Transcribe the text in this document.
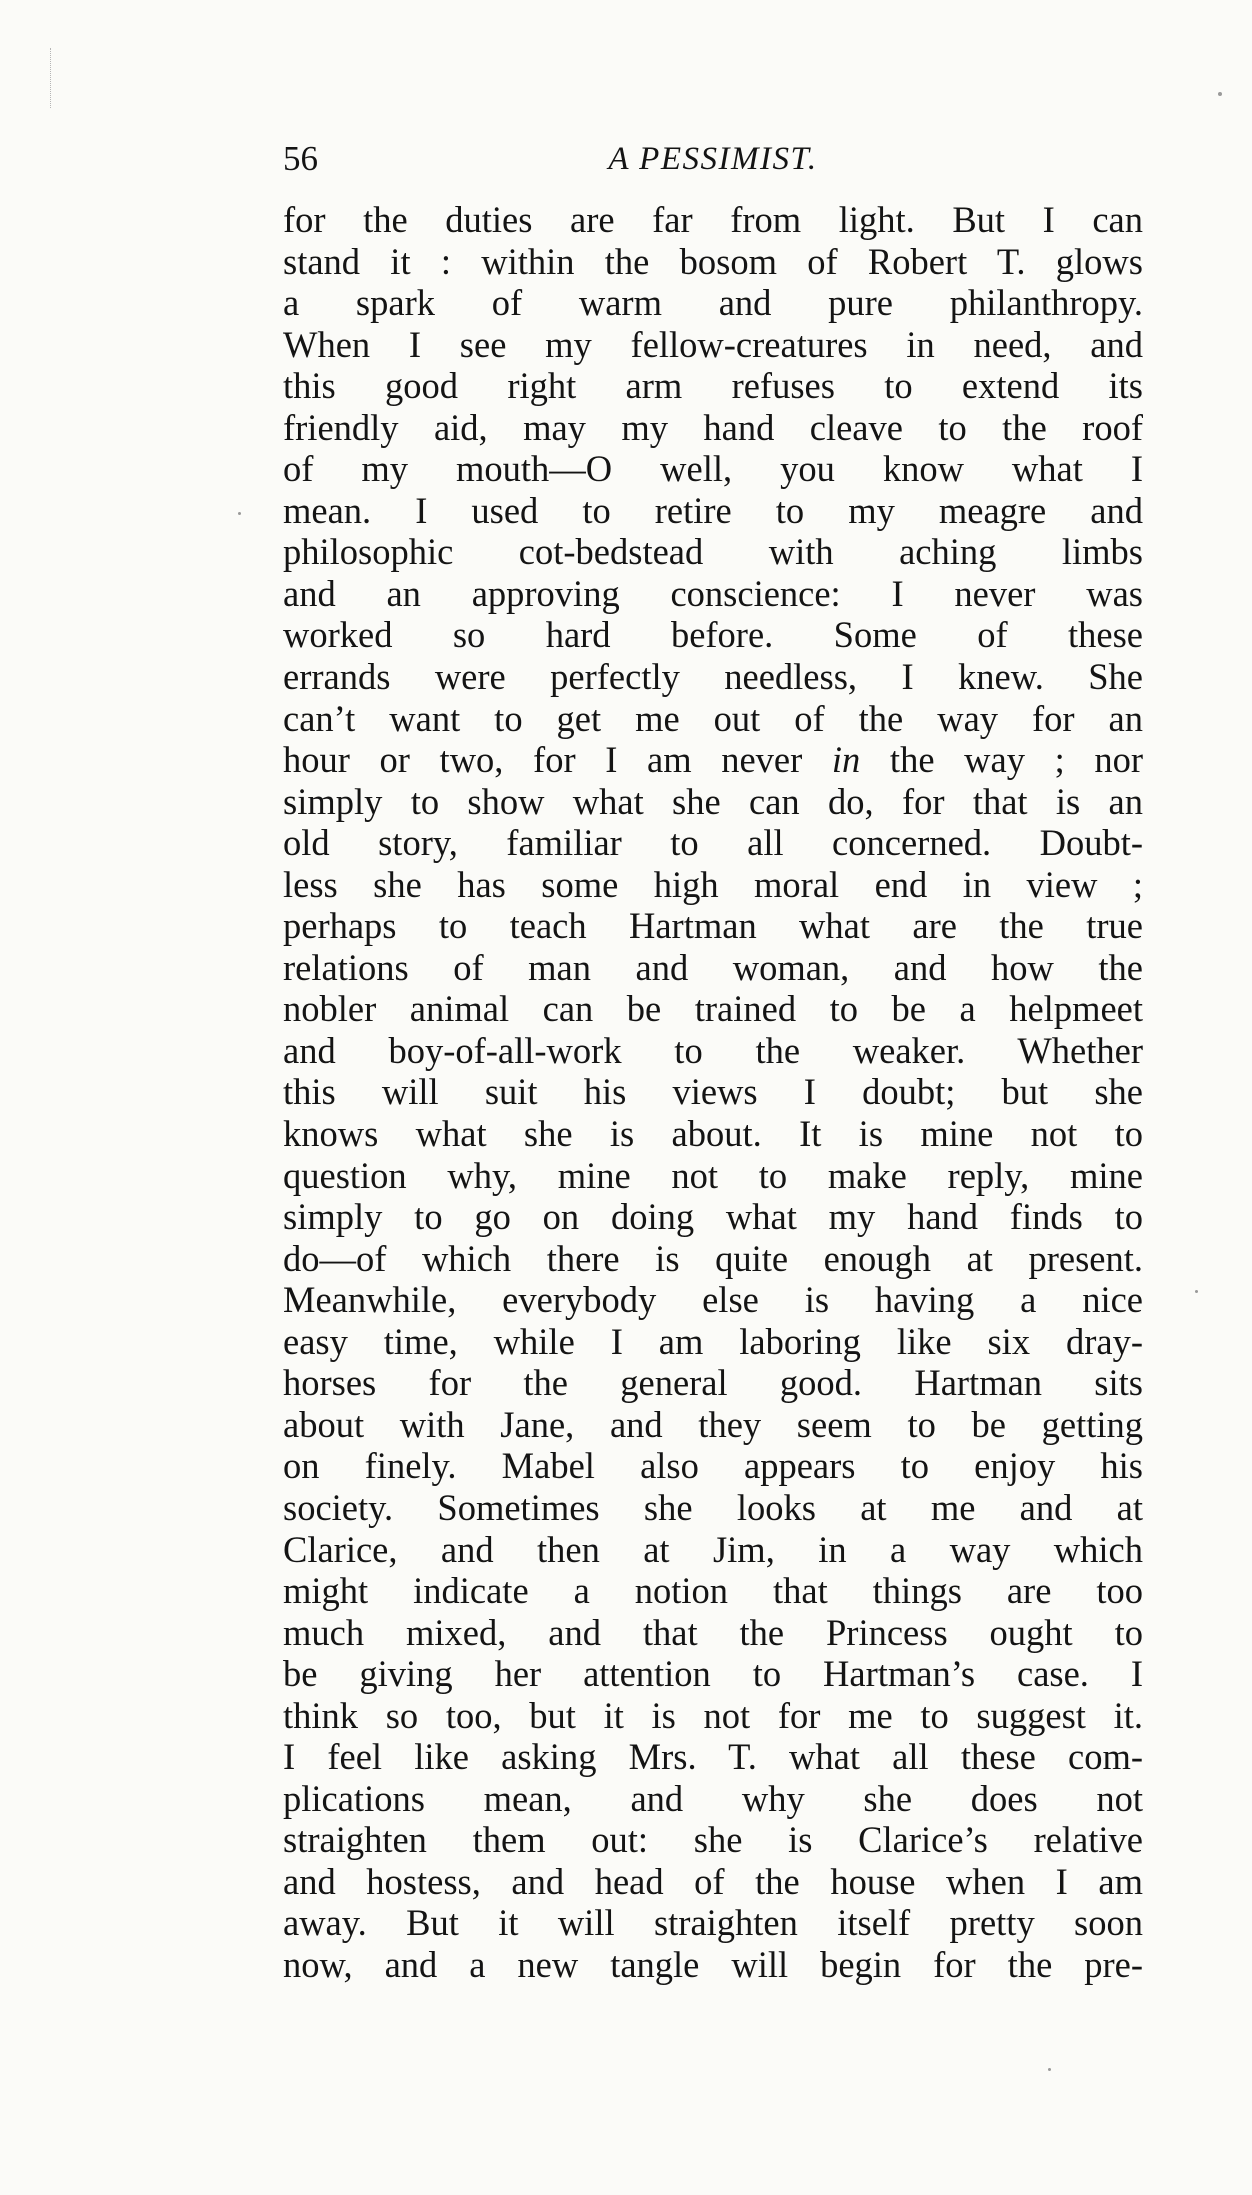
56	A PESSIMIST.
for the duties are far from light. But I can
stand it : within the bosom of Robert T. glows
a spark of warm and pure philanthropy.
When I see my fellow-creatures in need, and
this good right arm refuses to extend its
friendly aid, may my hand cleave to the roof
of my mouth—O well, you know what I
mean. I used to retire to my meagre and
philosophic cot-bedstead with aching limbs
and an approving conscience: I never was
worked so hard before. Some of these
errands were perfectly needless, I knew. She
can’t want to get me out of the way for an
hour or two, for I am never in the way ; nor
simply to show what she can do, for that is an
old story, familiar to all concerned. Doubt-
less she has some high moral end in view ;
perhaps to teach Hartman what are the true
relations of man and woman, and how the
nobler animal can be trained to be a helpmeet
and boy-of-all-work to the weaker. Whether
this will suit his views I doubt; but she
knows what she is about. It is mine not to
question why, mine not to make reply, mine
simply to go on doing what my hand finds to
do—of which there is quite enough at present.
Meanwhile, everybody else is having a nice
easy time, while I am laboring like six dray-
horses for the general good. Hartman sits
about with Jane, and they seem to be getting
on finely. Mabel also appears to enjoy his
society. Sometimes she looks at me and at
Clarice, and then at Jim, in a way which
might indicate a notion that things are too
much mixed, and that the Princess ought to
be giving her attention to Hartman’s case. I
think so too, but it is not for me to suggest it.
I feel like asking Mrs. T. what all these com-
plications mean, and why she does not
straighten them out: she is Clarice’s relative
and hostess, and head of the house when I am
away. But it will straighten itself pretty soon
now, and a new tangle will begin for the pre-
